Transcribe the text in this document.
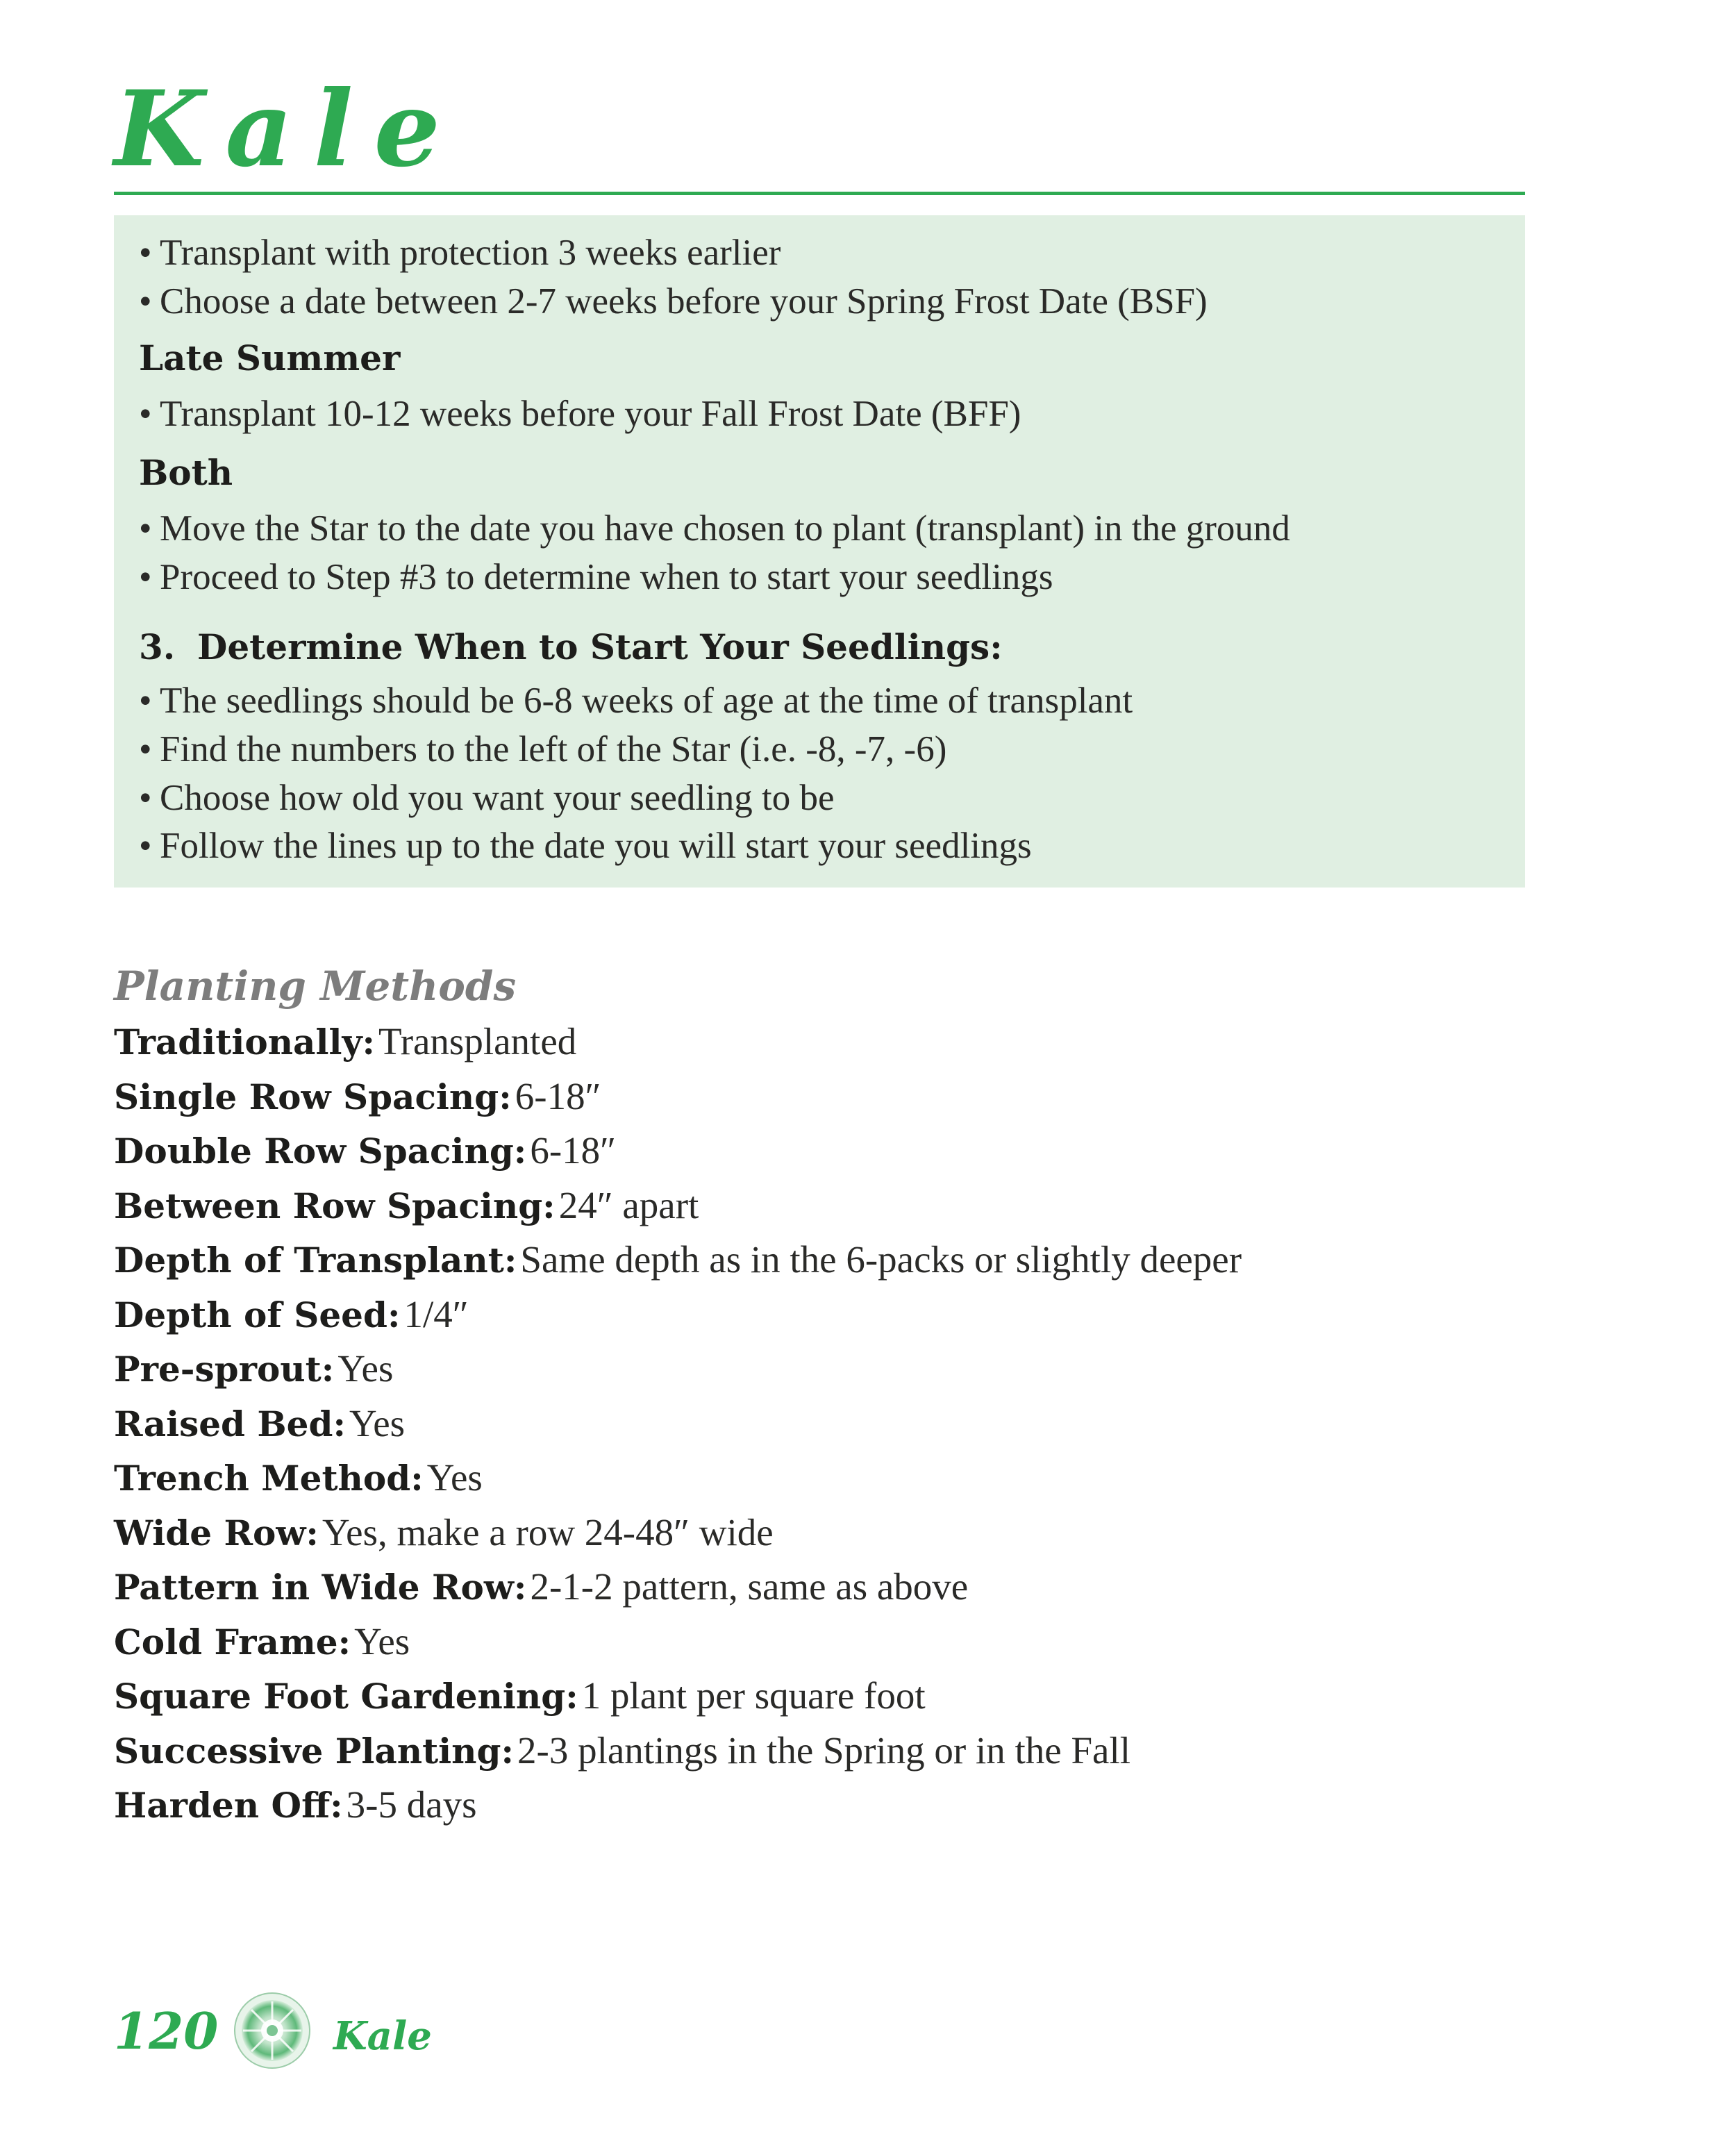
Kale
• Transplant with protection 3 weeks earlier
• Choose a date between 2-7 weeks before your Spring Frost Date (BSF)
Late Summer
• Transplant 10-12 weeks before your Fall Frost Date (BFF)
Both
• Move the Star to the date you have chosen to plant (transplant) in the ground
• Proceed to Step #3 to determine when to start your seedlings
3. Determine When to Start Your Seedlings:
• The seedlings should be 6-8 weeks of age at the time of transplant
• Find the numbers to the left of the Star (i.e. -8, -7, -6)
• Choose how old you want your seedling to be
• Follow the lines up to the date you will start your seedlings
Planting Methods
Traditionally: Transplanted
Single Row Spacing: 6-18″
Double Row Spacing: 6-18″
Between Row Spacing: 24″ apart
Depth of Transplant: Same depth as in the 6-packs or slightly deeper
Depth of Seed: 1/4″
Pre-sprout: Yes
Raised Bed: Yes
Trench Method: Yes
Wide Row: Yes, make a row 24-48″ wide
Pattern in Wide Row: 2-1-2 pattern, same as above
Cold Frame: Yes
Square Foot Gardening: 1 plant per square foot
Successive Planting: 2-3 plantings in the Spring or in the Fall
Harden Off: 3-5 days
120	Kale
